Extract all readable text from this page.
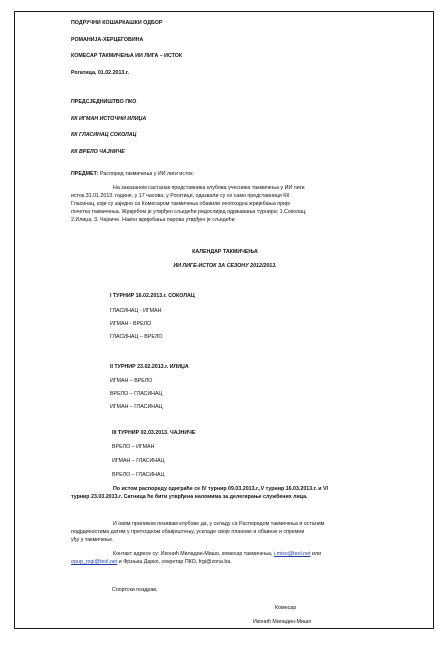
ПОДРУЧНИ КОШАРКАШКИ ОДБОР

РОМАНИЈА-ХЕРЦЕГОВИНА

КОМЕСАР ТАКМИЧЕЊА ИИ ЛИГА – ИСТОК

Рогатица, 01.02.2013.г.

ПРЕДСЈЕДНИШТВО ПКО

КК ИГМАН ИСТОЧНИ ИЛИЏА

КК ГЛАСИНАЦ СОКОЛАЦ

КК ВРЕЛО ЧАЈНИЧЕ

ПРЕДМЕТ: Распоред такмичења у ИИ лиги исток.

На заказаном састанак представника клубова учесника такмичења у ИИ лиги

исток,31.01.2013. године, у 17 часова, у Рогатици, одазвали су се само представници КК

Гласинац, који су заједно са Комесаром такмичења обавили неопходна жријебања прије

почетка такмичења. Жријебом је утврђен сљедећи редослијед одржавања турнира: 1.Соколац,

2.Илиџа, 3. Чајниче. Након жријебања парова утврђен је сљедећи

КАЛЕНДАР ТАКМИЧЕЊА

ИИ ЛИГЕ-ИСТОК ЗА СЕЗОНУ 2012/2013.

I ТУРНИР 16.02.2013.г. СОКОЛАЦ

ГЛАСИНАЦ - ИГМАН

ИГМАН - ВРЕЛО

ГЛАСИНАЦ – ВРЕЛО

II ТУРНИР 23.02.2013.г. ИЛИЏА

ИГМАН – ВРЕЛО

ВРЕЛО – ГЛАСИНАЦ

ИГМАН – ГЛАСИНАЦ

III ТУРНИР 02.03.2013. ЧАЈНИЧЕ

ВРЕЛО – ИГМАН

ИГМАН – ГЛАСИНАЦ

ВРЕЛО – ГЛАСИНАЦ

По истом распореду одиграће се IV турнир 09.03.2013.г.,V турнир 16.03.2013.г. и VI

турнир 23.03.2013.г. Сатница ће бити утврђена наломима за делегирање службених лица.

И овом приликом позивам клубове да, у складу са Распоредом такмичења и осталим

подрдиностима датим у претходном обавјештењу, ускладе своје планове и обавезе и спремни

уђу у такмичење.

Контакт адресе су: Иконић Миладин-Мишо, комесар такмичења, i.miso@teol.net или

opup_rogi@teol.net и Фрзњка Дарко, секретар ПКО, frgi@zona.ba.

Спортски поздрав,

Комесар

Иконић Миладин-Мишо
